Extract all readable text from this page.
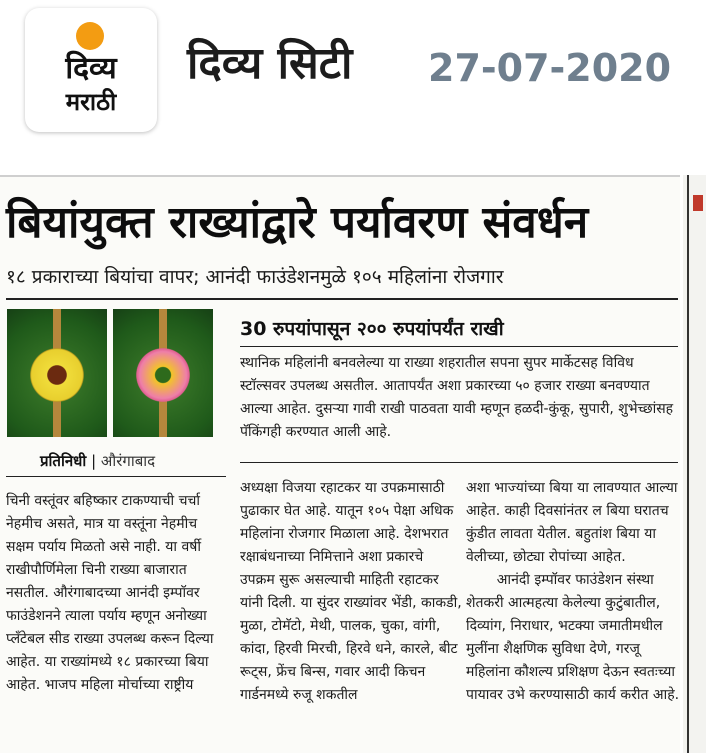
दिव्य
मराठी
दिव्य सिटी 27-07-2020
बियांयुक्त राख्यांद्वारे पर्यावरण संवर्धन
१८ प्रकाराच्या बियांचा वापर; आनंदी फाउंडेशनमुळे १०५ महिलांना रोजगार
30 रुपयांपासून २०० रुपयांपर्यंत राखी
स्थानिक महिलांनी बनवलेल्या या राख्या शहरातील सपना सुपर मार्केटसह विविध स्टॉल्सवर उपलब्ध असतील. आतापर्यंत अशा प्रकारच्या ५० हजार राख्या बनवण्यात आल्या आहेत. दुसऱ्या गावी राखी पाठवता यावी म्हणून हळदी-कुंकू, सुपारी, शुभेच्छांसह पॅकिंगही करण्यात आली आहे.
प्रतिनिधी | औरंगाबाद

चिनी वस्तूंवर बहिष्कार टाकण्याची चर्चा नेहमीच असते, मात्र या वस्तूंना नेहमीच सक्षम पर्याय मिळतो असे नाही. या वर्षी राखीपौर्णिमेला चिनी राख्या बाजारात नसतील. औरंगाबादच्या आनंदी इम्पॉवर फाउंडेशनने त्याला पर्याय म्हणून अनोख्या प्लँटेबल सीड राख्या उपलब्ध करून दिल्या आहेत. या राख्यांमध्ये १८ प्रकारच्या बिया आहेत. भाजप महिला मोर्चाच्या राष्ट्रीय

अध्यक्षा विजया रहाटकर या उपक्रमासाठी पुढाकार घेत आहे. यातून १०५ पेक्षा अधिक महिलांना रोजगार मिळाला आहे. देशभरात रक्षाबंधनाच्या निमित्ताने अशा प्रकारचे उपक्रम सुरू असल्याची माहिती रहाटकर यांनी दिली. या सुंदर राख्यांवर भेंडी, काकडी, मुळा, टोमॅटो, मेथी, पालक, चुका, वांगी, कांदा, हिरवी मिरची, हिरवे धने, कारले, बीट रूट्स, फ्रेंच बिन्स, गवार आदी किचन गार्डनमध्ये रुजू शकतील

अशा भाज्यांच्या बिया या लावण्यात आल्या आहेत. काही दिवसांनंतर ल बिया घरातच कुंडीत लावता येतील. बहुतांश बिया या वेलीच्या, छोट्या रोपांच्या आहेत.

आनंदी इम्पॉवर फाउंडेशन संस्था शेतकरी आत्महत्या केलेल्या कुटुंबातील, दिव्यांग, निराधार, भटक्या जमातीमधील मुलींना शैक्षणिक सुविधा देणे, गरजू महिलांना कौशल्य प्रशिक्षण देऊन स्वतःच्या पायावर उभे करण्यासाठी कार्य करीत आहे.
